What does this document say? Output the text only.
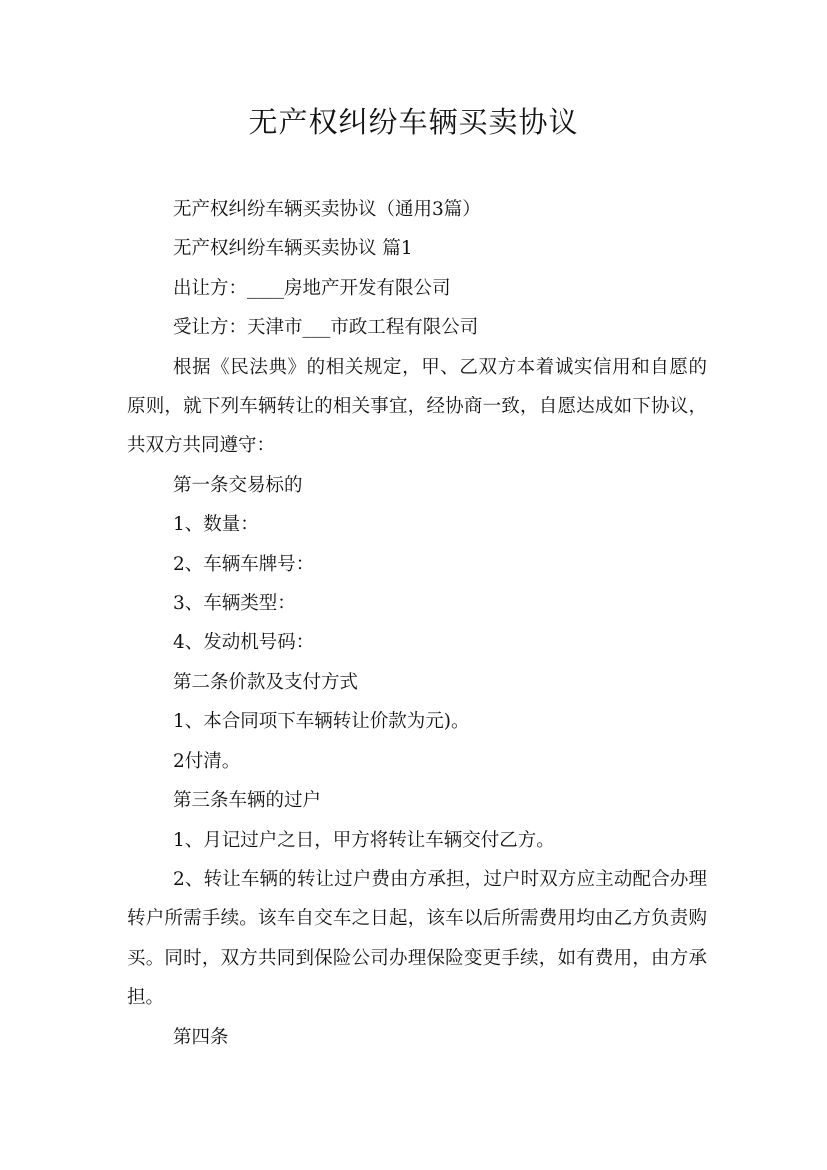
无产权纠纷车辆买卖协议

无产权纠纷车辆买卖协议（通用3篇）

无产权纠纷车辆买卖协议 篇1

出让方：____房地产开发有限公司

受让方：天津市___市政工程有限公司

根据《民法典》的相关规定，甲、乙双方本着诚实信用和自愿的原则，就下列车辆转让的相关事宜，经协商一致，自愿达成如下协议，共双方共同遵守：

第一条交易标的

1、数量：

2、车辆车牌号：

3、车辆类型：

4、发动机号码：

第二条价款及支付方式

1、本合同项下车辆转让价款为元)。

2付清。

第三条车辆的过户

1、月记过户之日，甲方将转让车辆交付乙方。

2、转让车辆的转让过户费由方承担，过户时双方应主动配合办理转户所需手续。该车自交车之日起，该车以后所需费用均由乙方负责购买。同时，双方共同到保险公司办理保险变更手续，如有费用，由方承担。

第四条
